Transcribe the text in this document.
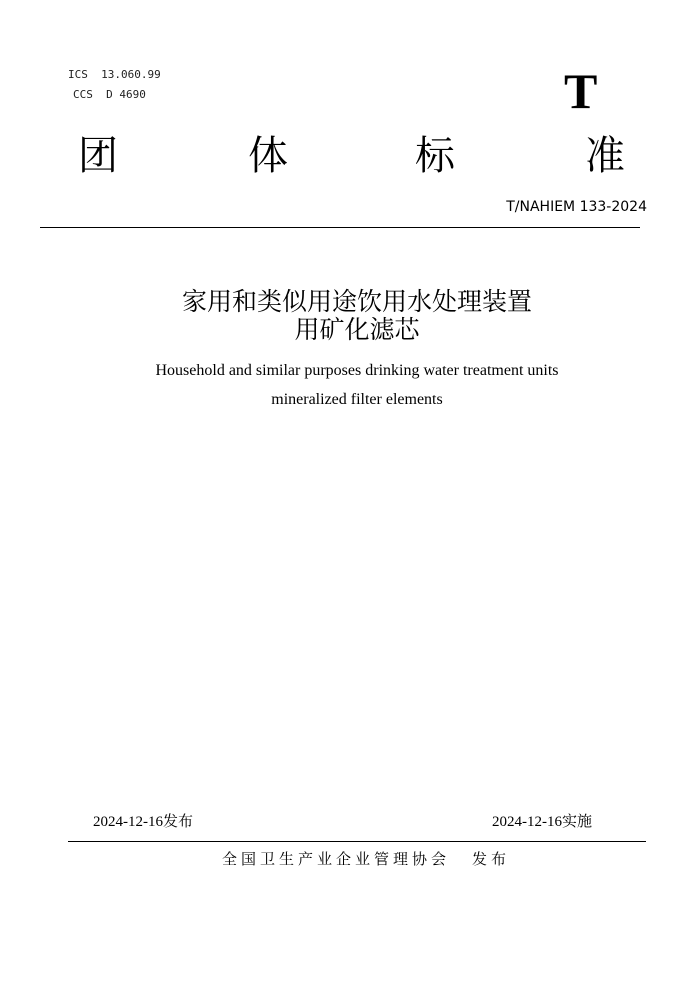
ICS  13.060.99
CCS  D 4690	T
团	体	标	准
T/NAHIEM 133-2024
家用和类似用途饮用水处理装置
用矿化滤芯
Household and similar purposes drinking water treatment units
mineralized filter elements
2024-12-16发布	2024-12-16实施
全国卫生产业企业管理协会 发布
